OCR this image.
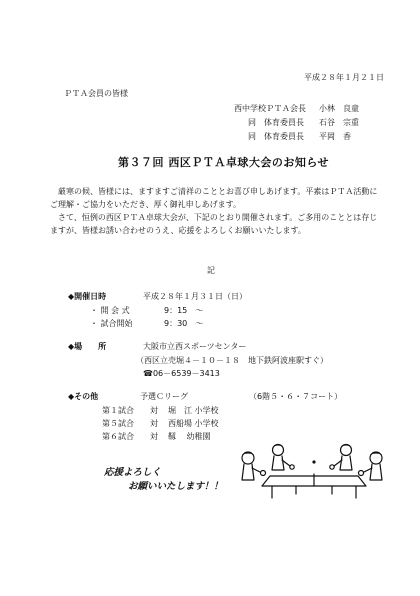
平成２８年１月２１日
ＰＴＡ会員の皆様
西中学校ＰＴＡ会長 小林　良童
同　体育委員長 石谷　宗重
同　体育委員長 平岡　香
第３７回 西区ＰＴＡ卓球大会のお知らせ
厳寒の候、皆様には、ますますご清祥のこととお喜び申しあげます。平素はＰＴＡ活動にご理解・ご協力をいただき、厚く御礼申しあげます。
さて、恒例の西区ＰＴＡ卓球大会が、下記のとおり開催されます。ご多用のこととは存じますが、皆様お誘い合わせのうえ、応援をよろしくお願いいたします。
記
◆開催日時	平成２８年１月３１日（日）
・ 開 会 式	9：15　～
・ 試合開始	9：30　～
◆場　　所	大阪市立西スポーツセンター
（西区立売堀４－１０－１８　地下鉄阿波座駅すぐ）
☎06－6539－3413
◆その他	予選Ｃリーグ	（6階５・６・７コート）
第１試合 対 堀　江 小学校
第５試合 対 西船場 小学校
第６試合 対 靱　 幼稚園
応援よろしく
お願いいたします！！
